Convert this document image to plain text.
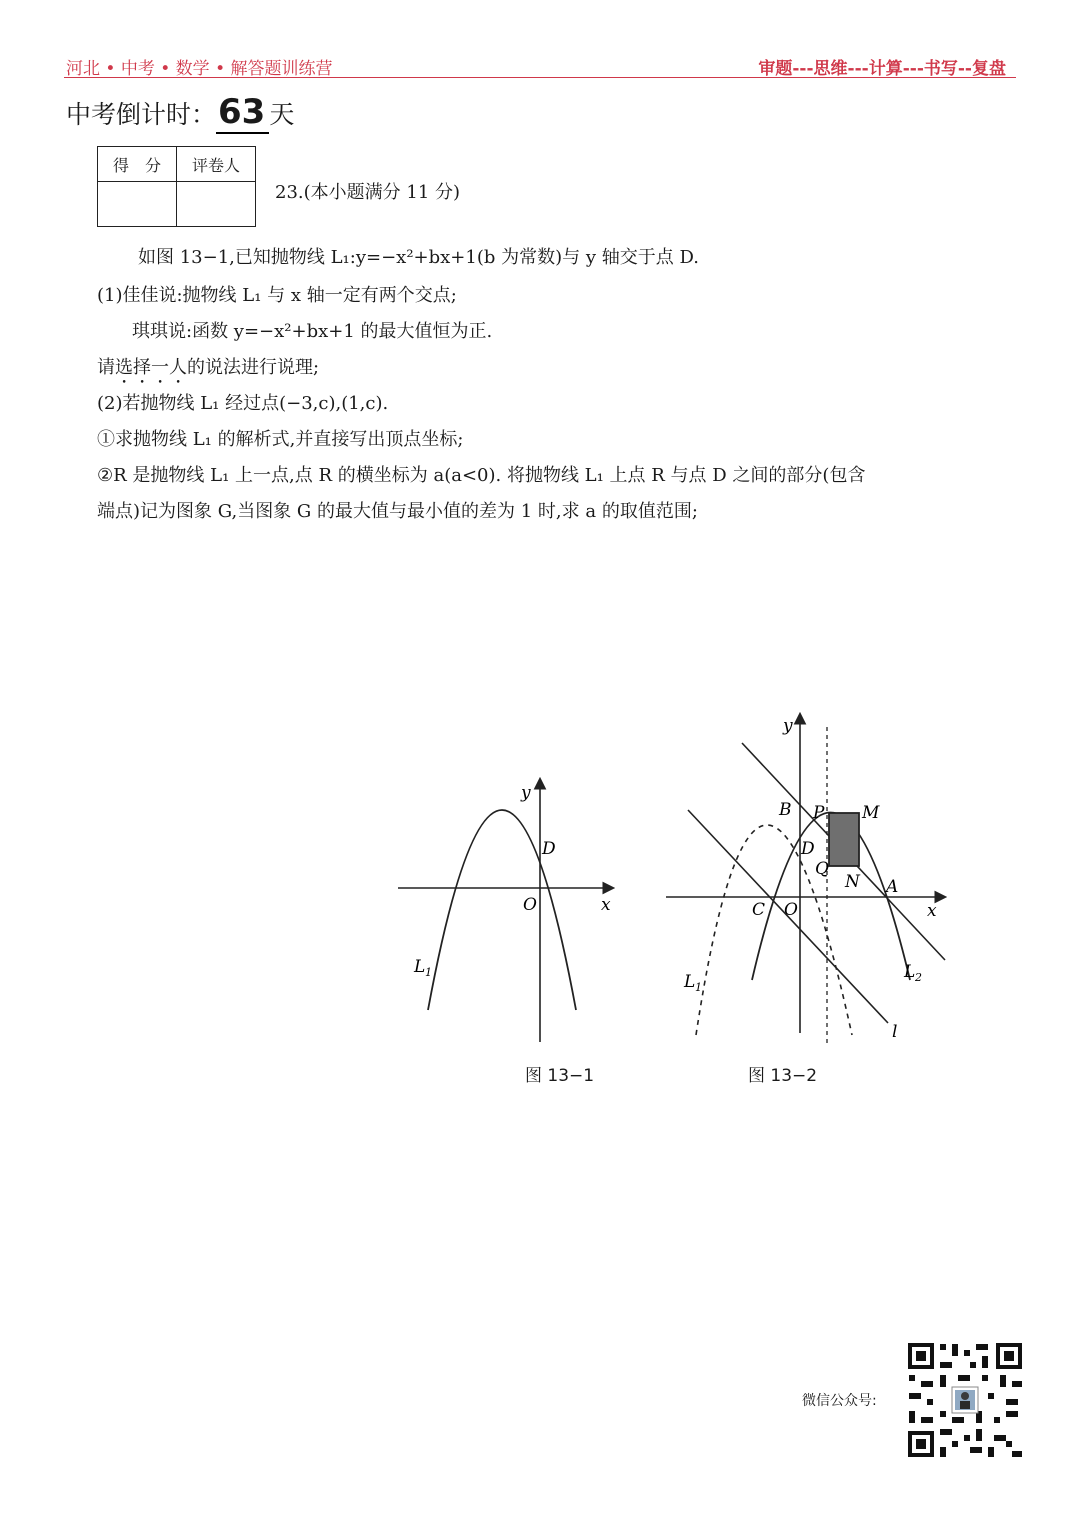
河北 • 中考 • 数学 • 解答题训练营	审题---思维---计算---书写--复盘
中考倒计时：63 天
得　分	评卷人

23.(本小题满分 11 分)
如图 13−1,已知抛物线 L₁:y=−x²+bx+1(b 为常数)与 y 轴交于点 D.
(1)佳佳说:抛物线 L₁ 与 x 轴一定有两个交点;
琪琪说:函数 y=−x²+bx+1 的最大值恒为正.
请选择一人的说法进行说理;
(2)若抛物线 L₁ 经过点(−3,c),(1,c).
①求抛物线 L₁ 的解析式,并直接写出顶点坐标;
②R 是抛物线 L₁ 上一点,点 R 的横坐标为 a(a<0). 将抛物线 L₁ 上点 R 与点 D 之间的部分(包含
端点)记为图象 G,当图象 G 的最大值与最小值的差为 1 时,求 a 的取值范围;
y
x
O
D
L 1
图 13−1
y
x
O
B P M
D
Q
N A
C
L 1
L 2
l
图 13−2
微信公众号:
